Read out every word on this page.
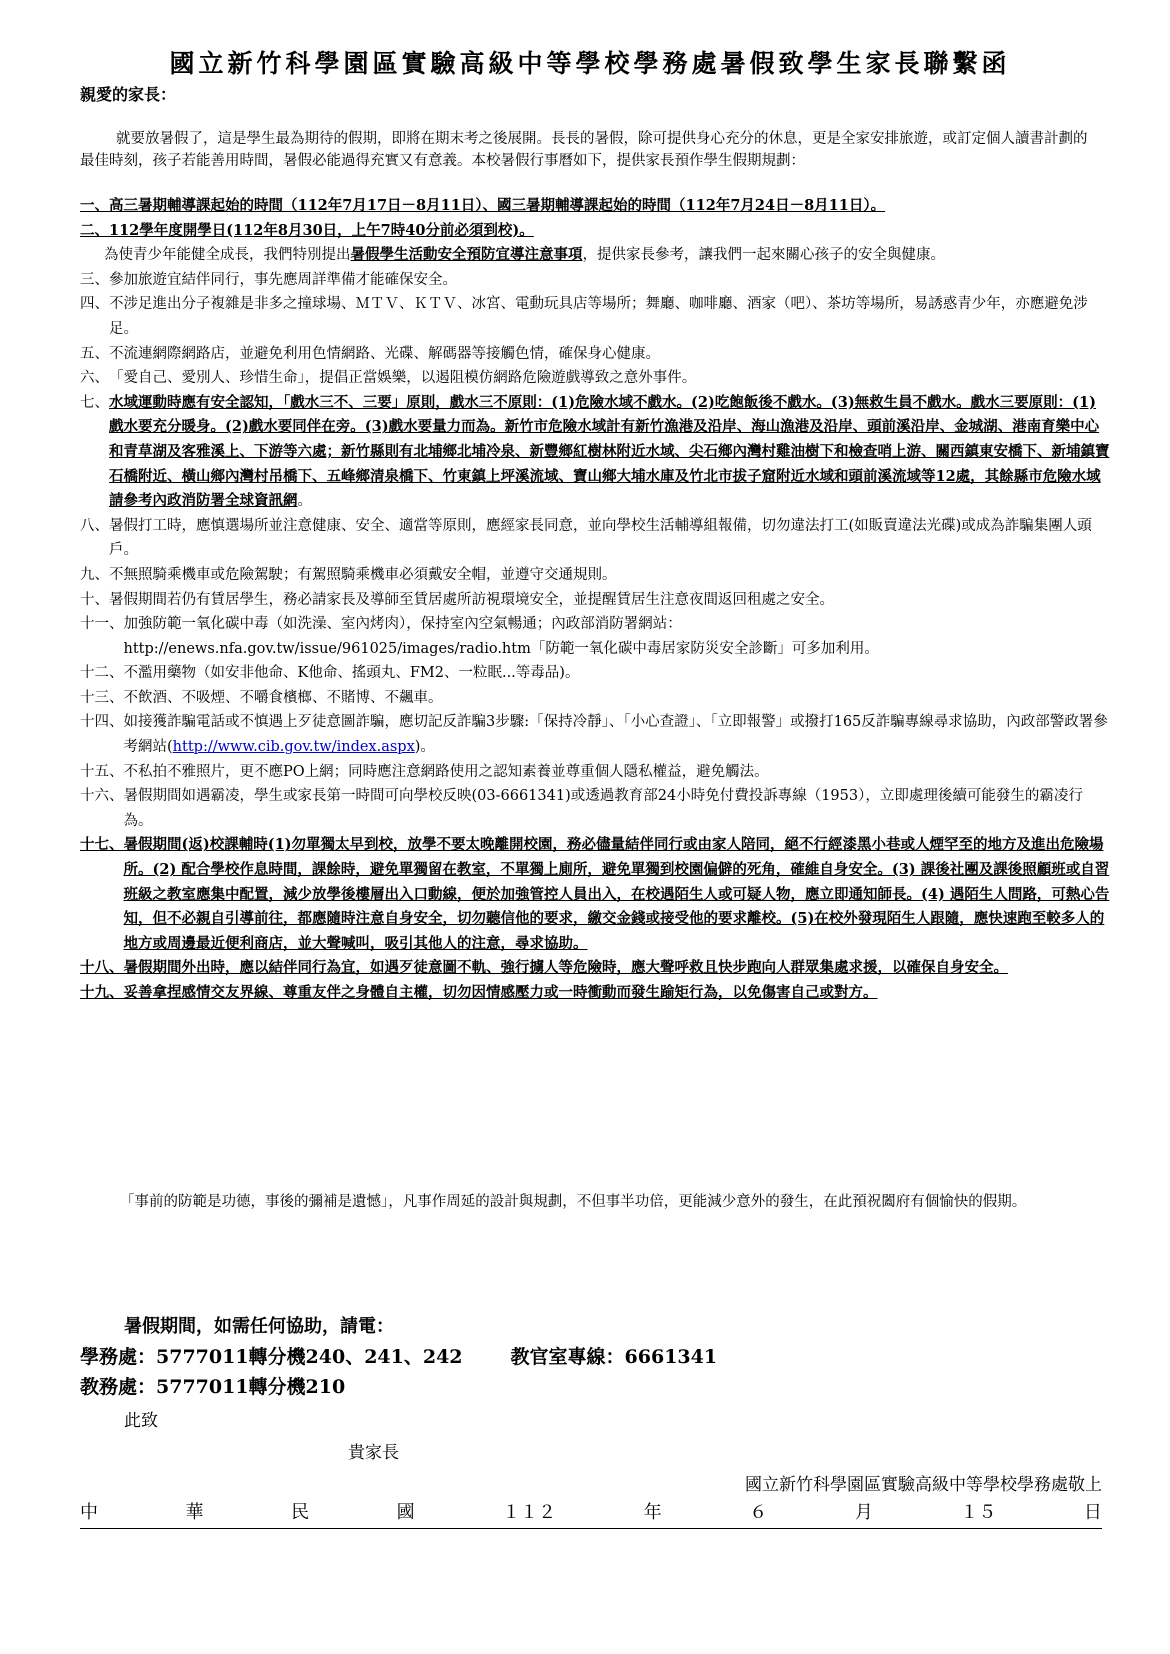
國立新竹科學園區實驗高級中等學校學務處暑假致學生家長聯繫函
親愛的家長：
就要放暑假了，這是學生最為期待的假期，即將在期末考之後展開。長長的暑假，除可提供身心充分的休息，更是全家安排旅遊，或訂定個人讀書計劃的最佳時刻，孩子若能善用時間，暑假必能過得充實又有意義。本校暑假行事曆如下，提供家長預作學生假期規劃：
一、 高三暑期輔導課起始的時間（112年7月17日－8月11日）、國三暑期輔導課起始的時間（112年7月24日－8月11日）。
二、 112學年度開學日(112年8月30日，上午7時40分前必須到校)。
為使青少年能健全成長，我們特別提出暑假學生活動安全預防宜導注意事項，提供家長參考，讓我們一起來關心孩子的安全與健康。
三、 參加旅遊宜結伴同行，事先應周詳準備才能確保安全。
四、 不涉足進出分子複雜是非多之撞球場、ＭＴＶ、ＫＴＶ、冰宮、電動玩具店等場所；舞廳、咖啡廳、酒家（吧）、茶坊等場所，易誘惑青少年，亦應避免涉足。
五、 不流連網際網路店，並避免利用色情網路、光碟、解碼器等接觸色情，確保身心健康。
六、 「愛自己、愛別人、珍惜生命」，提倡正當娛樂，以遏阻模仿網路危險遊戲導致之意外事件。
七、 水域運動時應有安全認知，「戲水三不、三要」原則，戲水三不原則：(1)危險水域不戲水。(2)吃飽飯後不戲水。(3)無救生員不戲水。戲水三要原則：(1)戲水要充分暖身。(2)戲水要同伴在旁。(3)戲水要量力而為。新竹市危險水域計有新竹漁港及沿岸、海山漁港及沿岸、頭前溪沿岸、金城湖、港南育樂中心和青草湖及客雅溪上、下游等六處；新竹縣則有北埔鄉北埔冷泉、新豐鄉紅樹林附近水域、尖石鄉內灣村雞油樹下和檢查哨上游、關西鎮東安橋下、新埔鎮寶石橋附近、橫山鄉內灣村吊橋下、五峰鄉清泉橋下、竹東鎮上坪溪流域、寶山鄉大埔水庫及竹北市拔子窟附近水域和頭前溪流域等12處，其餘縣市危險水域請參考內政消防署全球資訊網。
八、 暑假打工時，應慎選場所並注意健康、安全、適當等原則，應經家長同意，並向學校生活輔導組報備，切勿違法打工(如販賣違法光碟)或成為詐騙集團人頭戶。
九、 不無照騎乘機車或危險駕駛；有駕照騎乘機車必須戴安全帽，並遵守交通規則。
十、 暑假期間若仍有賃居學生，務必請家長及導師至賃居處所訪視環境安全，並提醒賃居生注意夜間返回租處之安全。
十一、 加強防範一氧化碳中毒（如洗澡、室內烤肉），保持室內空氣暢通；內政部消防署網站：
http://enews.nfa.gov.tw/issue/961025/images/radio.htm「防範一氧化碳中毒居家防災安全診斷」可多加利用。
十二、 不濫用藥物（如安非他命、K他命、搖頭丸、FM2、一粒眠...等毒品)。
十三、 不飲酒、不吸煙、不嚼食檳榔、不賭博、不飆車。
十四、 如接獲詐騙電話或不慎遇上歹徒意圖詐騙，應切記反詐騙3步驟:「保持冷靜」、「小心查證」、「立即報警」或撥打165反詐騙專線尋求協助，內政部警政署參考網站(http://www.cib.gov.tw/index.aspx)。
十五、 不私拍不雅照片，更不應PO上網；同時應注意網路使用之認知素養並尊重個人隱私權益，避免觸法。
十六、 暑假期間如遇霸凌，學生或家長第一時間可向學校反映(03-6661341)或透過教育部24小時免付費投訴專線（1953），立即處理後續可能發生的霸凌行為。
十七、 暑假期間(返)校課輔時(1)勿單獨太早到校，放學不要太晚離開校園，務必儘量結伴同行或由家人陪同，絕不行經漆黑小巷或人煙罕至的地方及進出危險場所。(2) 配合學校作息時間，課餘時，避免單獨留在教室，不單獨上廁所，避免單獨到校園偏僻的死角，確維自身安全。(3) 課後社團及課後照顧班或自習班級之教室應集中配置，減少放學後樓層出入口動線，便於加強管控人員出入，在校遇陌生人或可疑人物，應立即通知師長。(4) 遇陌生人問路，可熱心告知，但不必親自引導前往，都應隨時注意自身安全，切勿聽信他的要求，繳交金錢或接受他的要求離校。(5)在校外發現陌生人跟隨，應快速跑至較多人的地方或周邊最近便利商店，並大聲喊叫，吸引其他人的注意，尋求協助。
十八、 暑假期間外出時，應以結伴同行為宜，如遇歹徒意圖不軌、強行擄人等危險時，應大聲呼救且快步跑向人群眾集處求援，以確保自身安全。
十九、 妥善拿捏感情交友界線、尊重友伴之身體自主權，切勿因情感壓力或一時衝動而發生踰矩行為，以免傷害自己或對方。
「事前的防範是功德，事後的彌補是遺憾」，凡事作周延的設計與規劃，不但事半功倍，更能減少意外的發生，在此預祝闔府有個愉快的假期。
暑假期間，如需任何協助，請電：
學務處：5777011轉分機240、241、242	教官室專線：6661341
教務處：5777011轉分機210
此致
貴家長
國立新竹科學園區實驗高級中等學校學務處敬上
中	華	民	國	１１２	年	６	月	１５	日
